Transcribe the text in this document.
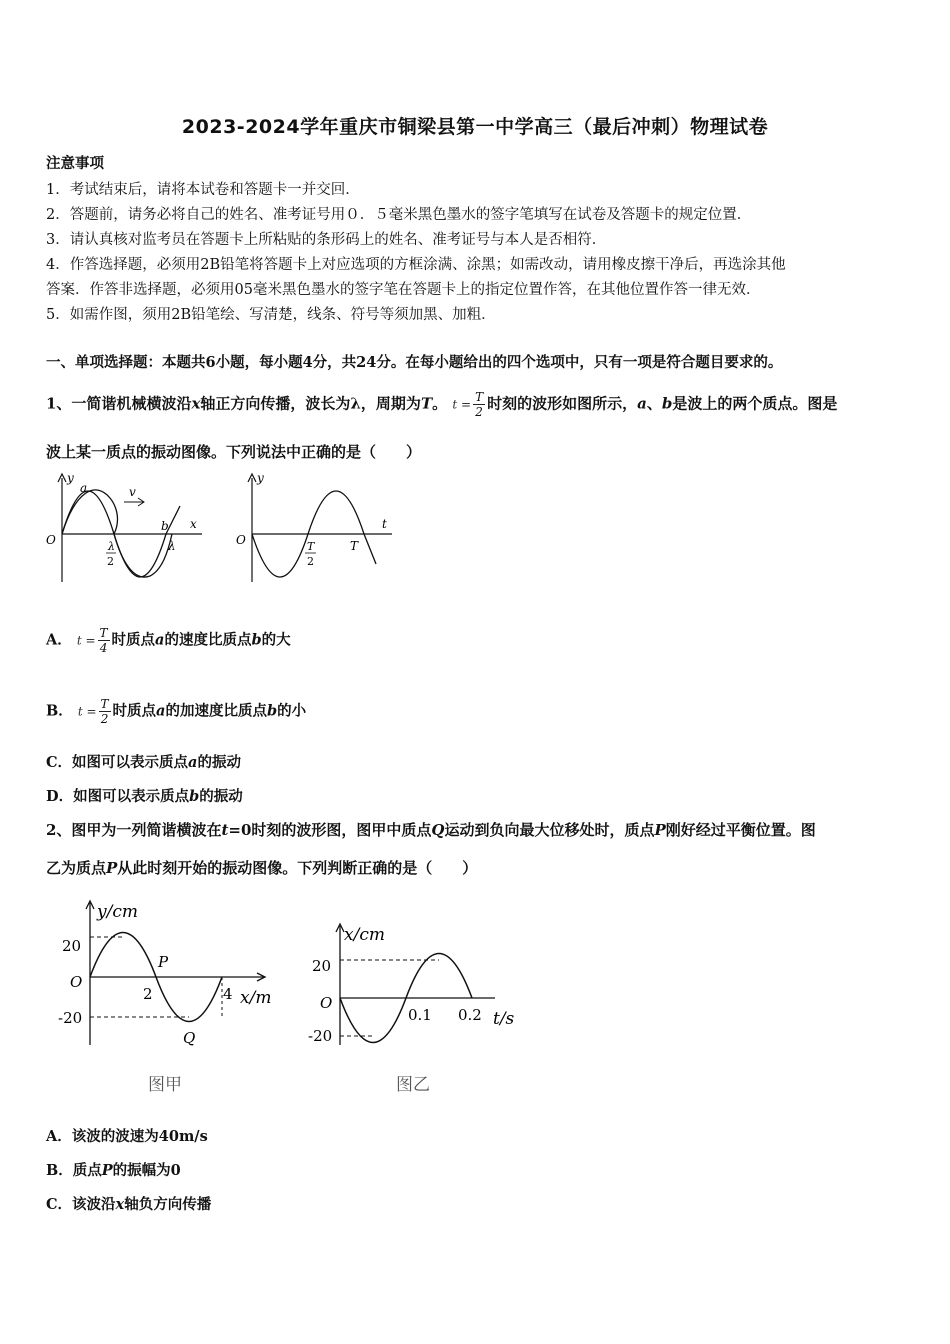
2023-2024学年重庆市铜梁县第一中学高三（最后冲刺）物理试卷
注意事项
1．考试结束后，请将本试卷和答题卡一并交回．
2．答题前，请务必将自己的姓名、准考证号用０．５毫米黑色墨水的签字笔填写在试卷及答题卡的规定位置．
3．请认真核对监考员在答题卡上所粘贴的条形码上的姓名、准考证号与本人是否相符．
4．作答选择题，必须用2B铅笔将答题卡上对应选项的方框涂满、涂黑；如需改动，请用橡皮擦干净后，再选涂其他
答案．作答非选择题，必须用05毫米黑色墨水的签字笔在答题卡上的指定位置作答，在其他位置作答一律无效．
5．如需作图，须用2B铅笔绘、写清楚，线条、符号等须加黑、加粗．
一、单项选择题：本题共6小题，每小题4分，共24分。在每小题给出的四个选项中，只有一项是符合题目要求的。
1、一简谐机械横波沿x轴正方向传播，波长为λ，周期为T。 $t = \frac{T}{2}$ 时刻的波形如图所示，a、b是波上的两个质点。图是
波上某一质点的振动图像。下列说法中正确的是（　　）
y
a	v
b x
O	λ
2
λ
y
t
O	T
2
T
A． $t = \frac{T}{4}$ 时质点a的速度比质点b的大
B． $t = \frac{T}{2}$ 时质点a的加速度比质点b的小
C．如图可以表示质点a的振动
D．如图可以表示质点b的振动
2、图甲为一列简谐横波在t=0时刻的波形图，图甲中质点Q运动到负向最大位移处时，质点P刚好经过平衡位置。图
乙为质点P从此时刻开始的振动图像。下列判断正确的是（　　）
y/cm
20
O
-20
P
2	4 x/m
Q
图甲
x/cm
20
O
-20
0.1 0.2 t/s
图乙
A．该波的波速为40m/s
B．质点P的振幅为0
C．该波沿x轴负方向传播
